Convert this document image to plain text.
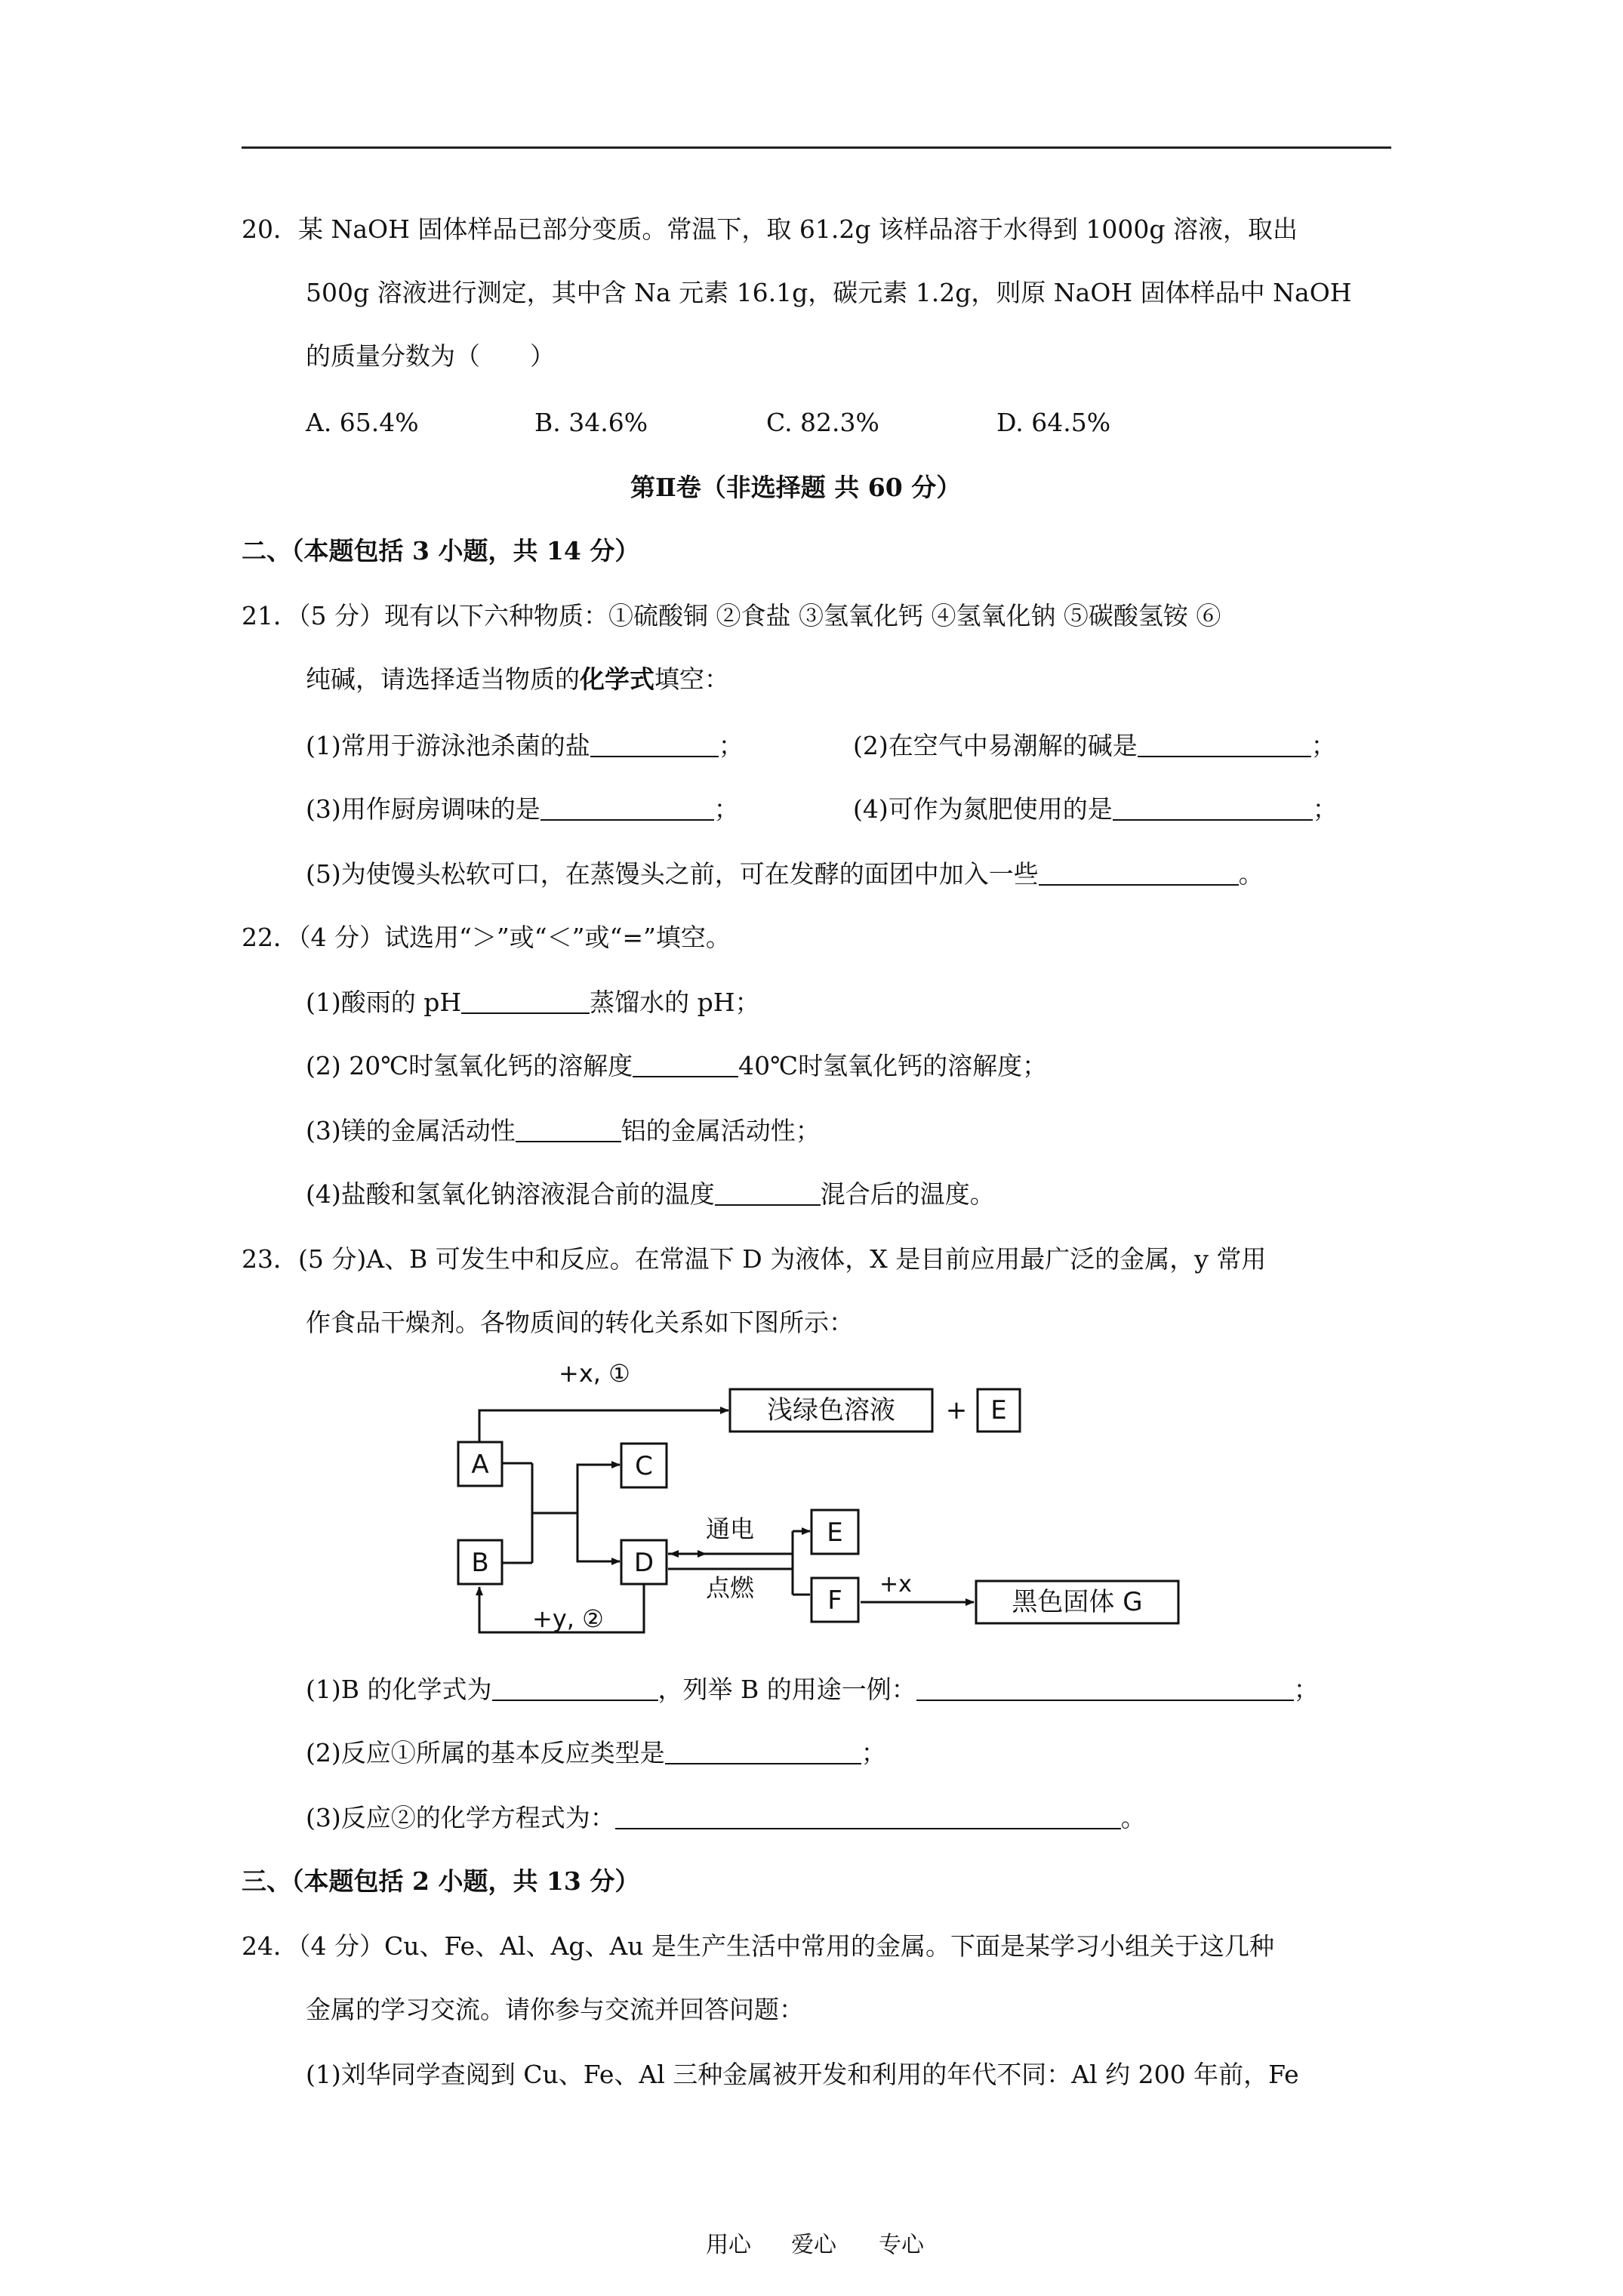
20．某 NaOH 固体样品已部分变质。常温下，取 61.2g 该样品溶于水得到 1000g 溶液，取出
500g 溶液进行测定，其中含 Na 元素 16.1g，碳元素 1.2g，则原 NaOH 固体样品中 NaOH
的质量分数为（　　）
A. 65.4%	B. 34.6%	C. 82.3%	D. 64.5%
第Ⅱ卷（非选择题 共 60 分）
二、（本题包括 3 小题，共 14 分）
21．（5 分）现有以下六种物质：①硫酸铜 ②食盐 ③氢氧化钙 ④氢氧化钠 ⑤碳酸氢铵 ⑥
纯碱，请选择适当物质的化学式填空：
(1)常用于游泳池杀菌的盐	；	(2)在空气中易潮解的碱是	；
(3)用作厨房调味的是	；	(4)可作为氮肥使用的是	；
(5)为使馒头松软可口，在蒸馒头之前，可在发酵的面团中加入一些	。
22．（4 分）试选用“＞”或“＜”或“=”填空。
(1)酸雨的 pH	蒸馏水的 pH；
(2) 20℃时氢氧化钙的溶解度	40℃时氢氧化钙的溶解度；
(3)镁的金属活动性	铝的金属活动性；
(4)盐酸和氢氧化钠溶液混合前的温度	混合后的温度。
23．(5 分)A、B 可发生中和反应。在常温下 D 为液体，X 是目前应用最广泛的金属，y 常用
作食品干燥剂。各物质间的转化关系如下图所示：
+x, ①
浅绿色溶液 + E
A
B
C
D
通电
点燃
E
F
+x
黑色固体 G
+y, ②
(1)B 的化学式为	，列举 B 的用途一例：	；
(2)反应①所属的基本反应类型是	；
(3)反应②的化学方程式为：	。
三、（本题包括 2 小题，共 13 分）
24．（4 分）Cu、Fe、Al、Ag、Au 是生产生活中常用的金属。下面是某学习小组关于这几种
金属的学习交流。请你参与交流并回答问题：
(1)刘华同学查阅到 Cu、Fe、Al 三种金属被开发和利用的年代不同：Al 约 200 年前，Fe
用心 爱心 专心
